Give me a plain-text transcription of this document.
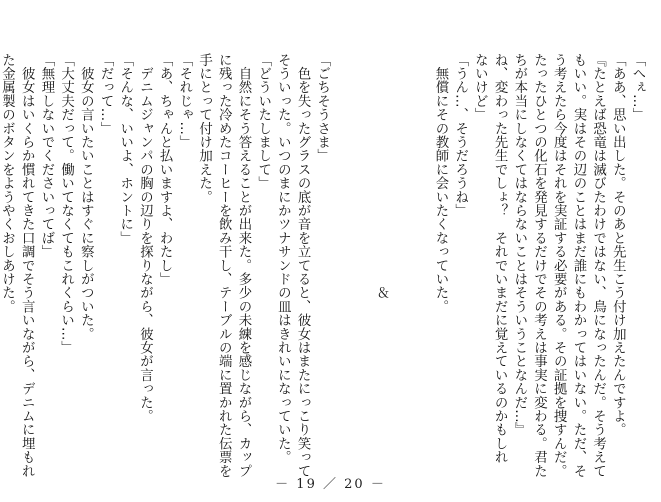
「へぇ…」
「ああ、思い出した。そのあと先生こう付け加えたんですよ。
『たとえば恐竜は滅びたわけではない、鳥になったんだ。そう考えて
もいい。実はその辺のことはまだ誰にもわかってはいない。ただ、そ
う考えたら今度はそれを実証する必要がある。その証拠を捜すんだ。
たったひとつの化石を発見するだけでその考えは事実に変わる。君た
ちが本当にしなくてはならないことはそういうことなんだ…』
ね、変わった先生でしょ？　それでいまだに覚えているのかもしれ
ないけど」
「うん…、そうだろうね」
　無償にその教師に会いたくなっていた。

　　　　　　　　　　　　　　　　　＆

「ごちそうさま」
　色を失ったグラスの底が音を立てると、彼女はまたにっこり笑って
そういった。いつのまにかツナサンドの皿はきれいになっていた。
「どういたしまして」
　自然にそう答えることが出来た。多少の未練を感じながら、カップ
に残った冷めたコーヒーを飲み干し、テーブルの端に置かれた伝票を
手にとって付け加えた。
「それじゃ…」
「あ、ちゃんと払いますよ、わたし」
　デニムジャンパの胸の辺りを探りながら、彼女が言った。
「そんな、いいよ、ホントに」
「だって…」
　彼女の言いたいことはすぐに察しがついた。
「大丈夫だって。働いてなくてもこれくらい…」
「無理しないでくださいってば」
　彼女はいくらか慣れてきた口調でそう言いながら、デニムに埋もれ
た金属製のボタンをようやくおしあけた。
－ 19 ／ 20 －
